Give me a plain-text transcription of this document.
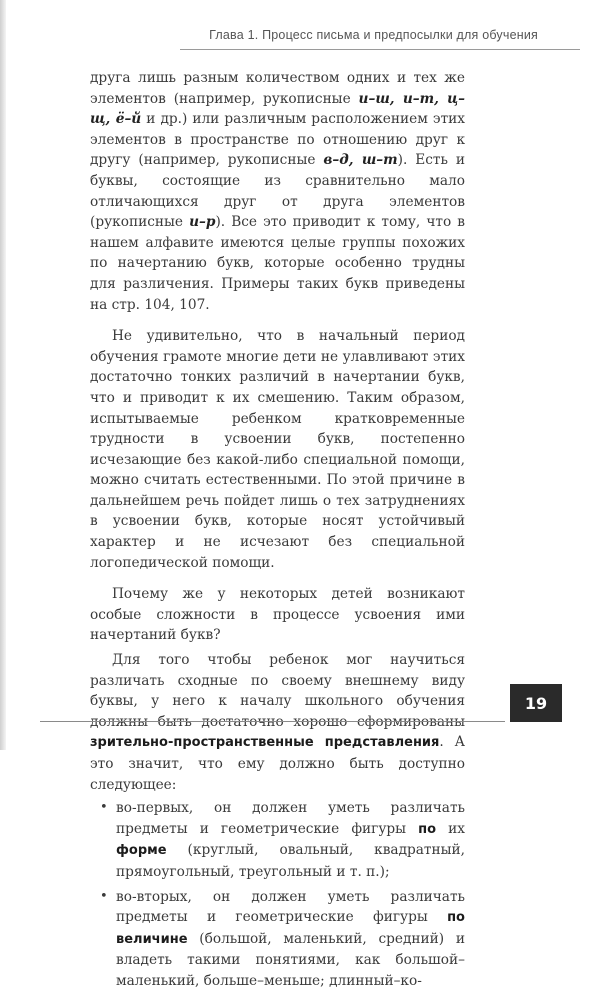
Глава 1. Процесс письма и предпосылки для обучения

друга лишь разным количеством одних и тех же элементов (например, рукописные и–ш, и–т, ц–щ, ё–й и др.) или различным расположением этих элементов в пространстве по отношению друг к другу (например, рукописные в–д, ш–т). Есть и буквы, состоящие из сравнительно мало отличающихся друг от друга элементов (рукописные и–р). Все это приводит к тому, что в нашем алфавите имеются целые группы похожих по начертанию букв, которые особенно трудны для различения. Примеры таких букв приведены на стр. 104, 107.

Не удивительно, что в начальный период обучения грамоте многие дети не улавливают этих достаточно тонких различий в начертании букв, что и приводит к их смешению. Таким образом, испытываемые ребенком кратковременные трудности в усвоении букв, постепенно исчезающие без какой-либо специальной помощи, можно считать естественными. По этой причине в дальнейшем речь пойдет лишь о тех затруднениях в усвоении букв, которые носят устойчивый характер и не исчезают без специальной логопедической помощи.

Почему же у некоторых детей возникают особые сложности в процессе усвоения ими начертаний букв?

Для того чтобы ребенок мог научиться различать сходные по своему внешнему виду буквы, у него к началу школьного обучения должны быть достаточно хорошо сформированы зрительно-пространственные представления. А это значит, что ему должно быть доступно следующее:

• во-первых, он должен уметь различать предметы и геометрические фигуры по их форме (круглый, овальный, квадратный, прямоугольный, треугольный и т. п.);
• во-вторых, он должен уметь различать предметы и геометрические фигуры по величине (большой, маленький, средний) и владеть такими понятиями, как большой–маленький, больше–меньше; длинный–ко-
19
